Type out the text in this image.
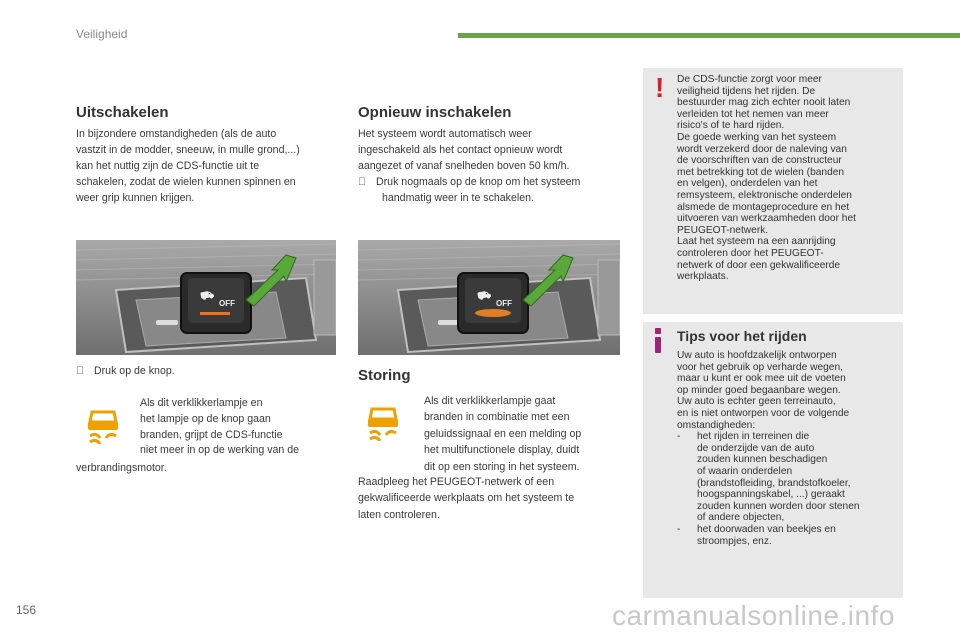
Veiligheid
Uitschakelen
In bijzondere omstandigheden (als de auto
vastzit in de modder, sneeuw, in mulle grond,...)
kan het nuttig zijn de CDS-functie uit te
schakelen, zodat de wielen kunnen spinnen en
weer grip kunnen krijgen.
⛟
OFF
Druk op de knop.
Als dit verklikkerlampje en
het lampje op de knop gaan
branden, grijpt de CDS-functie
niet meer in op de werking van de
verbrandingsmotor.
Opnieuw inschakelen
Het systeem wordt automatisch weer
ingeschakeld als het contact opnieuw wordt
aangezet of vanaf snelheden boven 50 km/h.
Druk nogmaals op de knop om het systeem
handmatig weer in te schakelen.
⛟
OFF
Storing
Als dit verklikkerlampje gaat
branden in combinatie met een
geluidssignaal en een melding op
het multifunctionele display, duidt
dit op een storing in het systeem.
Raadpleeg het PEUGEOT-netwerk of een
gekwalificeerde werkplaats om het systeem te
laten controleren.
! De CDS-functie zorgt voor meer
veiligheid tijdens het rijden. De
bestuurder mag zich echter nooit laten
verleiden tot het nemen van meer
risico's of te hard rijden.
De goede werking van het systeem
wordt verzekerd door de naleving van
de voorschriften van de constructeur
met betrekking tot de wielen (banden
en velgen), onderdelen van het
remsysteem, elektronische onderdelen
alsmede de montageprocedure en het
uitvoeren van werkzaamheden door het
PEUGEOT-netwerk.
Laat het systeem na een aanrijding
controleren door het PEUGEOT-
netwerk of door een gekwalificeerde
werkplaats.
Tips voor het rijden
Uw auto is hoofdzakelijk ontworpen
voor het gebruik op verharde wegen,
maar u kunt er ook mee uit de voeten
op minder goed begaanbare wegen.
Uw auto is echter geen terreinauto,
en is niet ontworpen voor de volgende
omstandigheden:
-	het rijden in terreinen die
de onderzijde van de auto
zouden kunnen beschadigen
of waarin onderdelen
(brandstofleiding, brandstofkoeler,
hoogspanningskabel, ...) geraakt
zouden kunnen worden door stenen
of andere objecten,
-	het doorwaden van beekjes en
stroompjes, enz.
156	carmanualsonline.info
